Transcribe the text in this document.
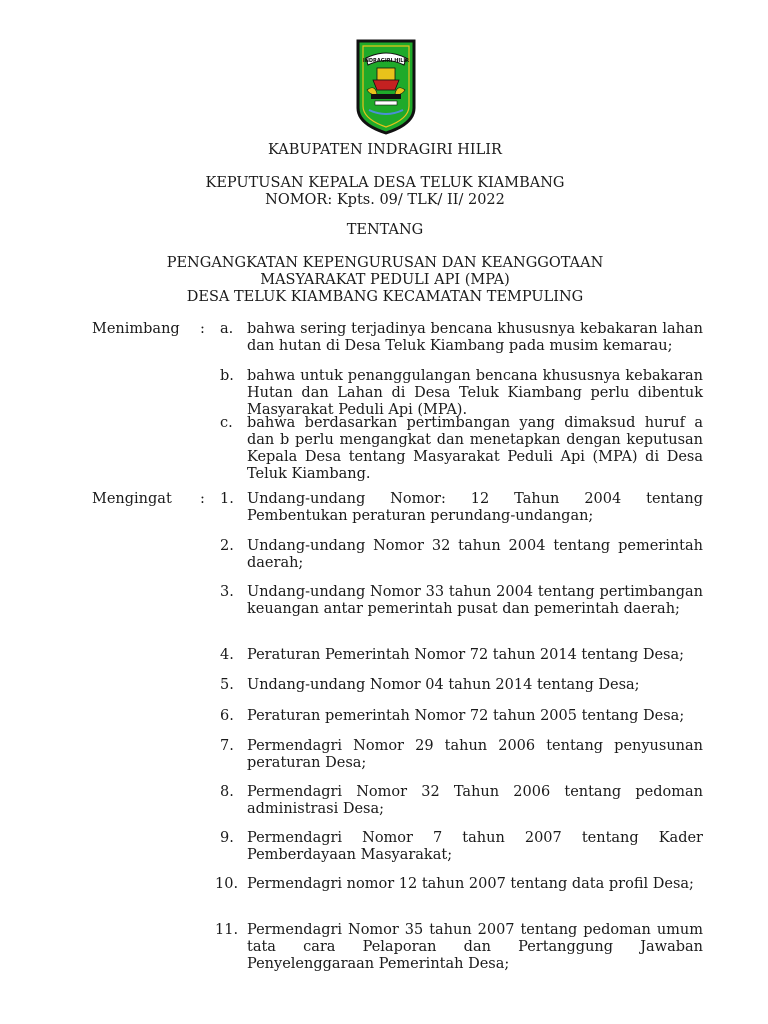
INDRAGIRI HILIR
KABUPATEN INDRAGIRI HILIR
KEPUTUSAN KEPALA DESA TELUK KIAMBANG
NOMOR: Kpts. 09/ TLK/ II/ 2022
TENTANG
PENGANGKATAN KEPENGURUSAN DAN KEANGGOTAAN
MASYARAKAT PEDULI API (MPA)
DESA TELUK KIAMBANG KECAMATAN TEMPULING
Menimbang : a. bahwa sering terjadinya bencana khususnya kebakaran lahan dan hutan di Desa Teluk Kiambang pada musim kemarau;
b. bahwa untuk penanggulangan bencana khususnya kebakaran Hutan dan Lahan di Desa Teluk Kiambang perlu dibentuk Masyarakat Peduli Api (MPA).
c. bahwa berdasarkan pertimbangan yang dimaksud huruf a dan b perlu mengangkat dan menetapkan dengan keputusan Kepala Desa tentang Masyarakat Peduli Api (MPA) di Desa Teluk Kiambang.
Mengingat : 1. Undang-undang Nomor: 12 Tahun 2004 tentang Pembentukan peraturan perundang-undangan;
2. Undang-undang Nomor 32 tahun 2004 tentang pemerintah daerah;
3. Undang-undang Nomor 33 tahun 2004 tentang pertimbangan keuangan antar pemerintah pusat dan pemerintah daerah;
4. Peraturan Pemerintah Nomor 72 tahun 2014 tentang Desa;
5. Undang-undang Nomor 04 tahun 2014 tentang Desa;
6. Peraturan pemerintah Nomor 72 tahun 2005 tentang Desa;
7. Permendagri Nomor 29 tahun 2006 tentang penyusunan peraturan Desa;
8. Permendagri Nomor 32 Tahun 2006 tentang pedoman administrasi Desa;
9. Permendagri Nomor 7 tahun 2007 tentang Kader Pemberdayaan Masyarakat;
10. Permendagri nomor 12 tahun 2007 tentang data profil Desa;
11. Permendagri Nomor 35 tahun 2007 tentang pedoman umum tata cara Pelaporan dan Pertanggung Jawaban Penyelenggaraan Pemerintah Desa;
